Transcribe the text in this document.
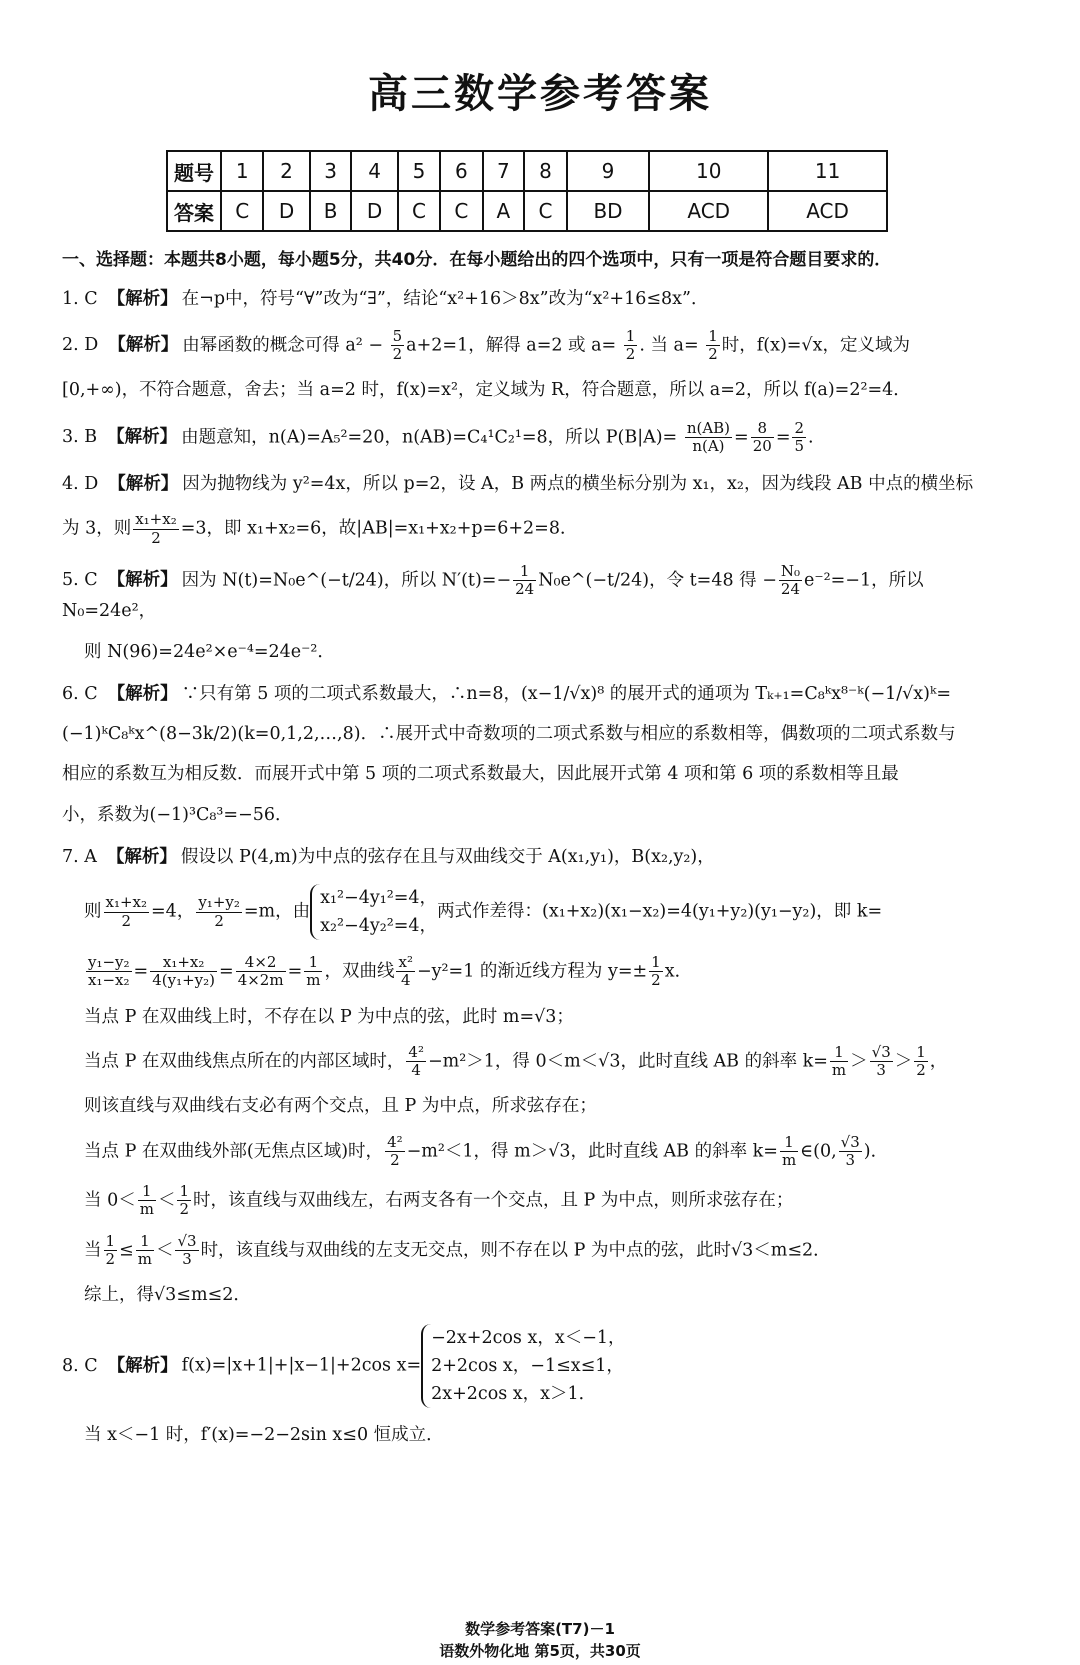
高三数学参考答案
题号	1	2	3	4	5	6	7	8	9	10	11
答案	C	D	B	D	C	C	A	C	BD	ACD	ACD
一、选择题：本题共8小题，每小题5分，共40分．在每小题给出的四个选项中，只有一项是符合题目要求的．
1. C 【解析】 在¬p中，符号“∀”改为“∃”，结论“x²+16＞8x”改为“x²+16≤8x”．
2. D 【解析】 由幂函数的概念可得 $a^2 - \frac{5}{2} a+2=1$，解得 a=2 或 $a= \frac{1}{2}$ . 当 $a= \frac{1}{2}$ 时，f(x)=√x，定义域为
[0,+∞)，不符合题意，舍去；当 a=2 时，f(x)=x²，定义域为 R，符合题意，所以 a=2，所以 f(a)=2²=4．
3. B 【解析】 由题意知，n(A)=A₅²=20，n(AB)=C₄¹C₂¹=8，所以 $P(B|A)= \frac{n(AB)}{n(A)} = \frac{8}{20} = \frac{2}{5}$ .
4. D 【解析】 因为抛物线为 y²=4x，所以 p=2，设 A，B 两点的横坐标分别为 x₁，x₂，因为线段 AB 中点的横坐标
为 3，则 $\frac{\text{x₁+x₂}}{2} =3$，即 x₁+x₂=6，故|AB|=x₁+x₂+p=6+2=8．
5. C 【解析】 因为 N(t)=N₀e^(−t/24)，所以 $N'(t)=- \frac{1}{24}$ N₀e^(−t/24)，令 t=48 得 − $\frac{\text{N₀}}{24} e^{-2}=-1$，所以 N₀=24e²，
则 N(96)=24e²×e⁻⁴=24e⁻²．
6. C 【解析】 ∵只有第 5 项的二项式系数最大，∴n=8，(x−1/√x)⁸ 的展开式的通项为 Tₖ₊₁=C₈ᵏx⁸⁻ᵏ(−1/√x)ᵏ=
(−1)ᵏC₈ᵏx^(8−3k/2)(k=0,1,2,…,8)．∴展开式中奇数项的二项式系数与相应的系数相等，偶数项的二项式系数与
相应的系数互为相反数．而展开式中第 5 项的二项式系数最大，因此展开式第 4 项和第 6 项的系数相等且最
小，系数为(−1)³C₈³=−56．
7. A 【解析】 假设以 P(4,m)为中点的弦存在且与双曲线交于 A(x₁,y₁)，B(x₂,y₂)，
则 $\frac{\text{x₁+x₂}}{2} =4$， $\frac{\text{y₁+y₂}}{2} =m$，由
x₁²−4y₁²=4，
x₂²−4y₂²=4，
两式作差得：(x₁+x₂)(x₁−x₂)=4(y₁+y₂)(y₁−y₂)，即 k=
$\frac{\text{y₁−y₂}}{\text{x₁−x₂}} = \frac{\text{x₁+x₂}}{\text{4(y₁+y₂)}} = \frac{4\times 2}{4\times 2m} = \frac{1}{m}$ ，双曲线 $\frac{\text{x²}}{4} -y^2=1$ 的渐近线方程为 $y=\pm \frac{1}{2}$ x．
当点 P 在双曲线上时，不存在以 P 为中点的弦，此时 m=√3；
当点 P 在双曲线焦点所在的内部区域时， $\frac{\text{4²}}{4} -m^2>1$，得 0＜m＜√3，此时直线 AB 的斜率 $k= \frac{1}{m} > \frac{√3}{3} > \frac{1}{2}$ ，
则该直线与双曲线右支必有两个交点，且 P 为中点，所求弦存在；
当点 P 在双曲线外部(无焦点区域)时， $\frac{\text{4²}}{2} -m^2<1$，得 m＞√3，此时直线 AB 的斜率 $k= \frac{1}{m}$ ∈(0, $\frac{√3}{3}$ )．
当 $0< \frac{1}{m} < \frac{1}{2}$ 时，该直线与双曲线左，右两支各有一个交点，且 P 为中点，则所求弦存在；
当 $\frac{1}{2} \le \frac{1}{m} < \frac{√3}{3}$ 时，该直线与双曲线的左支无交点，则不存在以 P 为中点的弦，此时√3＜m≤2．
综上，得√3≤m≤2．
8. C 【解析】 f(x)=|x+1|+|x−1|+2cos x=
−2x+2cos x，x＜−1，
2+2cos x，−1≤x≤1，
2x+2cos x，x＞1．
当 x＜−1 时，f′(x)=−2−2sin x≤0 恒成立．
数学参考答案(T7)－1
语数外物化地 第5页，共30页
